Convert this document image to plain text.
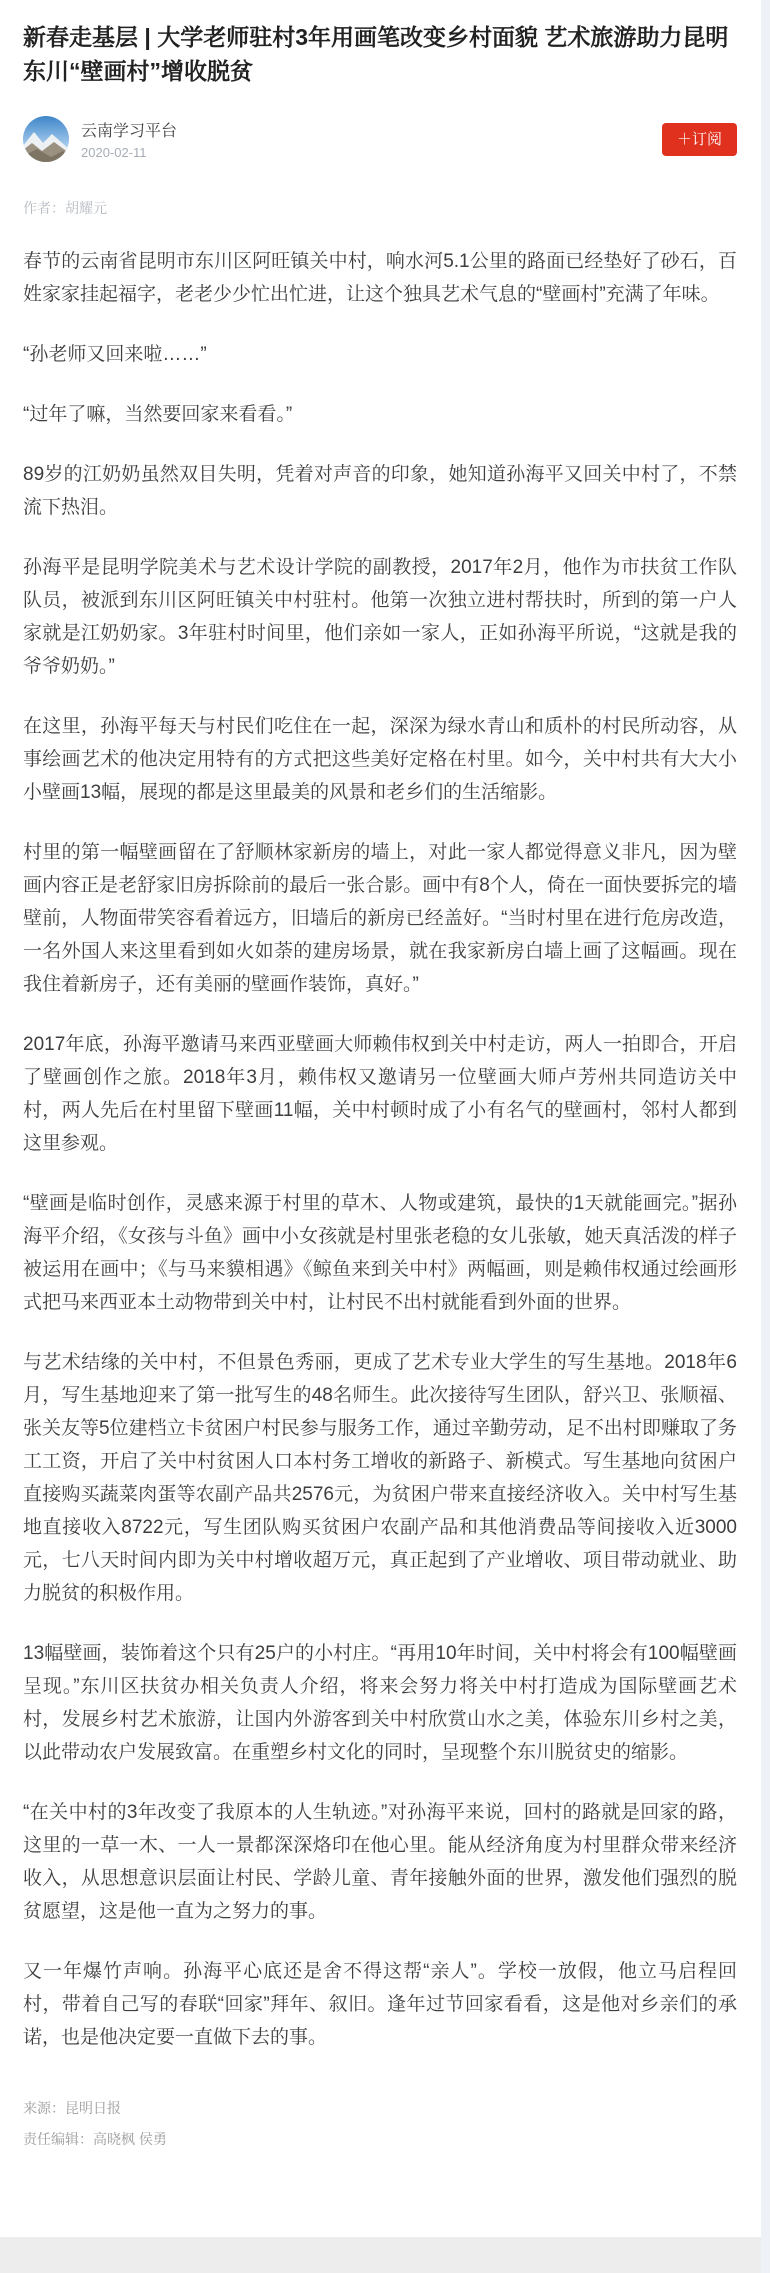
新春走基层 | 大学老师驻村3年用画笔改变乡村面貌 艺术旅游助力昆明东川“壁画村”增收脱贫
云南学习平台
2020-02-11
＋订阅
作者：胡耀元

春节的云南省昆明市东川区阿旺镇关中村，响水河5.1公里的路面已经垫好了砂石，百姓家家挂起福字，老老少少忙出忙进，让这个独具艺术气息的“壁画村”充满了年味。

“孙老师又回来啦……”

“过年了嘛，当然要回家来看看。”

89岁的江奶奶虽然双目失明，凭着对声音的印象，她知道孙海平又回关中村了，不禁流下热泪。

孙海平是昆明学院美术与艺术设计学院的副教授，2017年2月，他作为市扶贫工作队队员，被派到东川区阿旺镇关中村驻村。他第一次独立进村帮扶时，所到的第一户人家就是江奶奶家。3年驻村时间里，他们亲如一家人，正如孙海平所说，“这就是我的爷爷奶奶。”

在这里，孙海平每天与村民们吃住在一起，深深为绿水青山和质朴的村民所动容，从事绘画艺术的他决定用特有的方式把这些美好定格在村里。如今，关中村共有大大小小壁画13幅，展现的都是这里最美的风景和老乡们的生活缩影。

村里的第一幅壁画留在了舒顺林家新房的墙上，对此一家人都觉得意义非凡，因为壁画内容正是老舒家旧房拆除前的最后一张合影。画中有8个人，倚在一面快要拆完的墙壁前，人物面带笑容看着远方，旧墙后的新房已经盖好。“当时村里在进行危房改造，一名外国人来这里看到如火如荼的建房场景，就在我家新房白墙上画了这幅画。现在我住着新房子，还有美丽的壁画作装饰，真好。”

2017年底，孙海平邀请马来西亚壁画大师赖伟权到关中村走访，两人一拍即合，开启了壁画创作之旅。2018年3月，赖伟权又邀请另一位壁画大师卢芳州共同造访关中村，两人先后在村里留下壁画11幅，关中村顿时成了小有名气的壁画村，邻村人都到这里参观。

“壁画是临时创作，灵感来源于村里的草木、人物或建筑，最快的1天就能画完。”据孙海平介绍，《女孩与斗鱼》画中小女孩就是村里张老稳的女儿张敏，她天真活泼的样子被运用在画中；《与马来貘相遇》《鲸鱼来到关中村》两幅画，则是赖伟权通过绘画形式把马来西亚本土动物带到关中村，让村民不出村就能看到外面的世界。

与艺术结缘的关中村，不但景色秀丽，更成了艺术专业大学生的写生基地。2018年6月，写生基地迎来了第一批写生的48名师生。此次接待写生团队，舒兴卫、张顺福、张关友等5位建档立卡贫困户村民参与服务工作，通过辛勤劳动，足不出村即赚取了务工工资，开启了关中村贫困人口本村务工增收的新路子、新模式。写生基地向贫困户直接购买蔬菜肉蛋等农副产品共2576元，为贫困户带来直接经济收入。关中村写生基地直接收入8722元，写生团队购买贫困户农副产品和其他消费品等间接收入近3000元，七八天时间内即为关中村增收超万元，真正起到了产业增收、项目带动就业、助力脱贫的积极作用。

13幅壁画，装饰着这个只有25户的小村庄。“再用10年时间，关中村将会有100幅壁画呈现。”东川区扶贫办相关负责人介绍，将来会努力将关中村打造成为国际壁画艺术村，发展乡村艺术旅游，让国内外游客到关中村欣赏山水之美，体验东川乡村之美，以此带动农户发展致富。在重塑乡村文化的同时，呈现整个东川脱贫史的缩影。

“在关中村的3年改变了我原本的人生轨迹。”对孙海平来说，回村的路就是回家的路，这里的一草一木、一人一景都深深烙印在他心里。能从经济角度为村里群众带来经济收入，从思想意识层面让村民、学龄儿童、青年接触外面的世界，激发他们强烈的脱贫愿望，这是他一直为之努力的事。

又一年爆竹声响。孙海平心底还是舍不得这帮“亲人”。学校一放假，他立马启程回村，带着自己写的春联“回家”拜年、叙旧。逢年过节回家看看，这是他对乡亲们的承诺，也是他决定要一直做下去的事。

来源：昆明日报
责任编辑：高晓枫 侯勇
